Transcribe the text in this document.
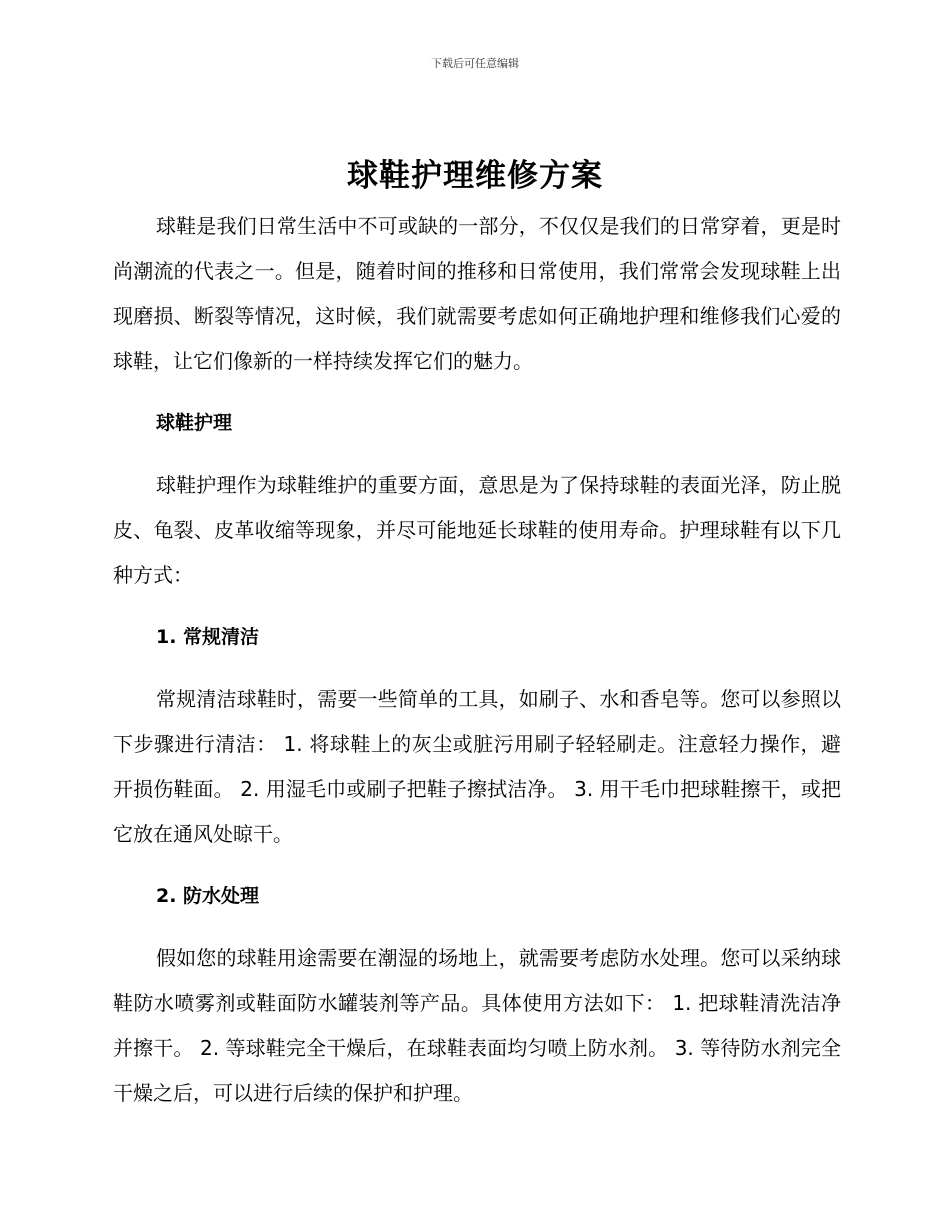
下载后可任意编辑
球鞋护理维修方案

球鞋是我们日常生活中不可或缺的一部分，不仅仅是我们的日常穿着，更是时尚潮流的代表之一。但是，随着时间的推移和日常使用，我们常常会发现球鞋上出现磨损、断裂等情况，这时候，我们就需要考虑如何正确地护理和维修我们心爱的球鞋，让它们像新的一样持续发挥它们的魅力。

球鞋护理

球鞋护理作为球鞋维护的重要方面，意思是为了保持球鞋的表面光泽，防止脱皮、龟裂、皮革收缩等现象，并尽可能地延长球鞋的使用寿命。护理球鞋有以下几种方式：

1. 常规清洁

常规清洁球鞋时，需要一些简单的工具，如刷子、水和香皂等。您可以参照以下步骤进行清洁： 1. 将球鞋上的灰尘或脏污用刷子轻轻刷走。注意轻力操作，避开损伤鞋面。 2. 用湿毛巾或刷子把鞋子擦拭洁净。 3. 用干毛巾把球鞋擦干，或把它放在通风处晾干。

2. 防水处理

假如您的球鞋用途需要在潮湿的场地上，就需要考虑防水处理。您可以采纳球鞋防水喷雾剂或鞋面防水罐装剂等产品。具体使用方法如下： 1. 把球鞋清洗洁净并擦干。 2. 等球鞋完全干燥后，在球鞋表面均匀喷上防水剂。 3. 等待防水剂完全干燥之后，可以进行后续的保护和护理。
